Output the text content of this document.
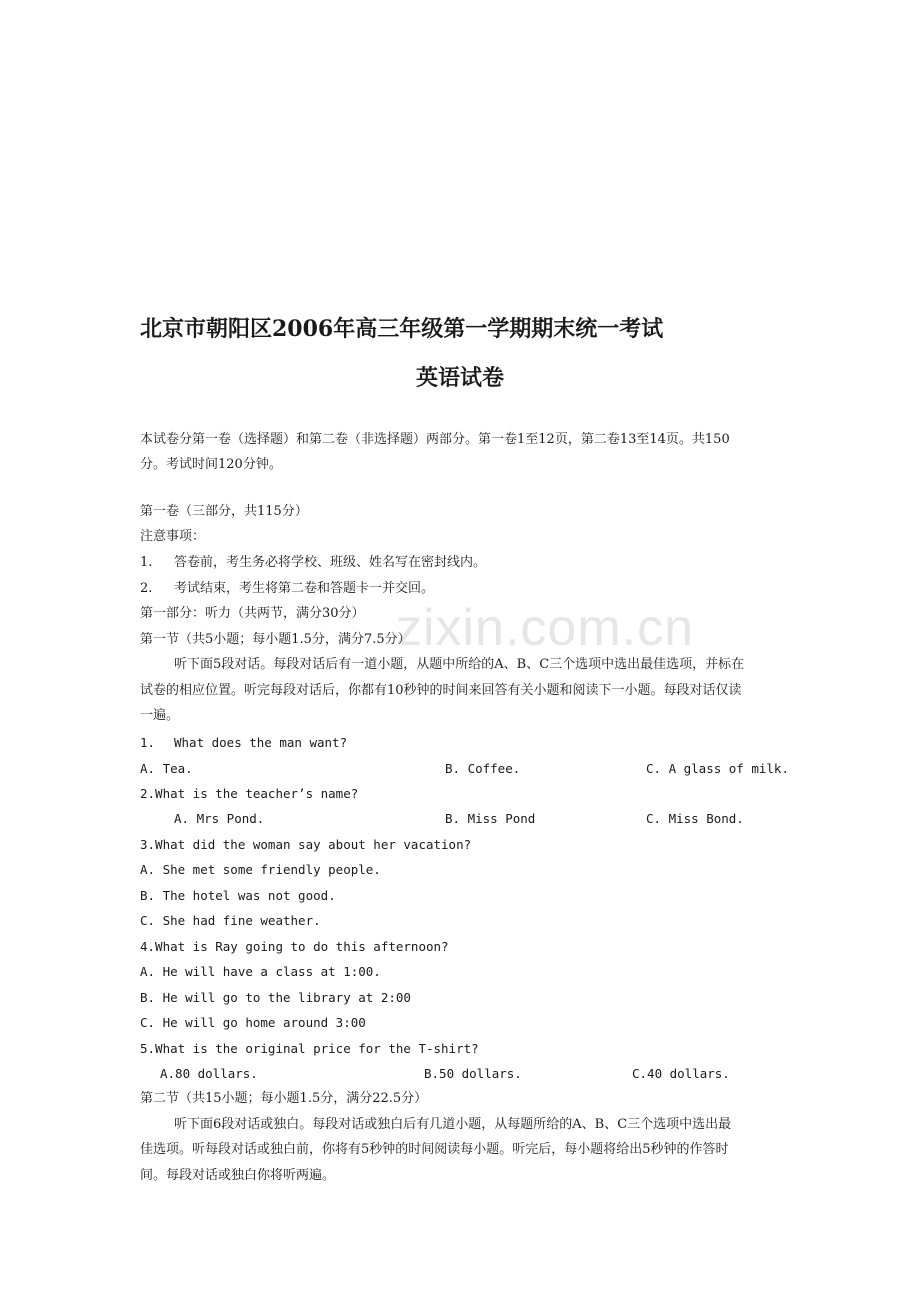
zixin.com.cn
北京市朝阳区2006年高三年级第一学期期末统一考试
英语试卷
本试卷分第一卷（选择题）和第二卷（非选择题）两部分。第一卷1至12页，第二卷13至14页。共150
分。考试时间120分钟。
第一卷（三部分，共115分）
注意事项：
1. 答卷前，考生务必将学校、班级、姓名写在密封线内。
2. 考试结束，考生将第二卷和答题卡一并交回。
第一部分：听力（共两节，满分30分）
第一节（共5小题；每小题1.5分，满分7.5分）
听下面5段对话。每段对话后有一道小题，从题中所给的A、B、C三个选项中选出最佳选项，并标在
试卷的相应位置。听完每段对话后，你都有10秒钟的时间来回答有关小题和阅读下一小题。每段对话仅读
一遍。
1. What does the man want?
A. Tea.	B. Coffee.	C. A glass of milk.
2.What is the teacher’s name?
A. Mrs Pond.	B. Miss Pond	C. Miss Bond.
3.What did the woman say about her vacation?
A. She met some friendly people.
B. The hotel was not good.
C. She had fine weather.
4.What is Ray going to do this afternoon?
A. He will have a class at 1:00.
B. He will go to the library at 2:00
C. He will go home around 3:00
5.What is the original price for the T-shirt?
A.80 dollars.	B.50 dollars.	C.40 dollars.
第二节（共15小题；每小题1.5分，满分22.5分）
听下面6段对话或独白。每段对话或独白后有几道小题，从每题所给的A、B、C三个选项中选出最
佳选项。听每段对话或独白前，你将有5秒钟的时间阅读每小题。听完后，每小题将给出5秒钟的作答时
间。每段对话或独白你将听两遍。
